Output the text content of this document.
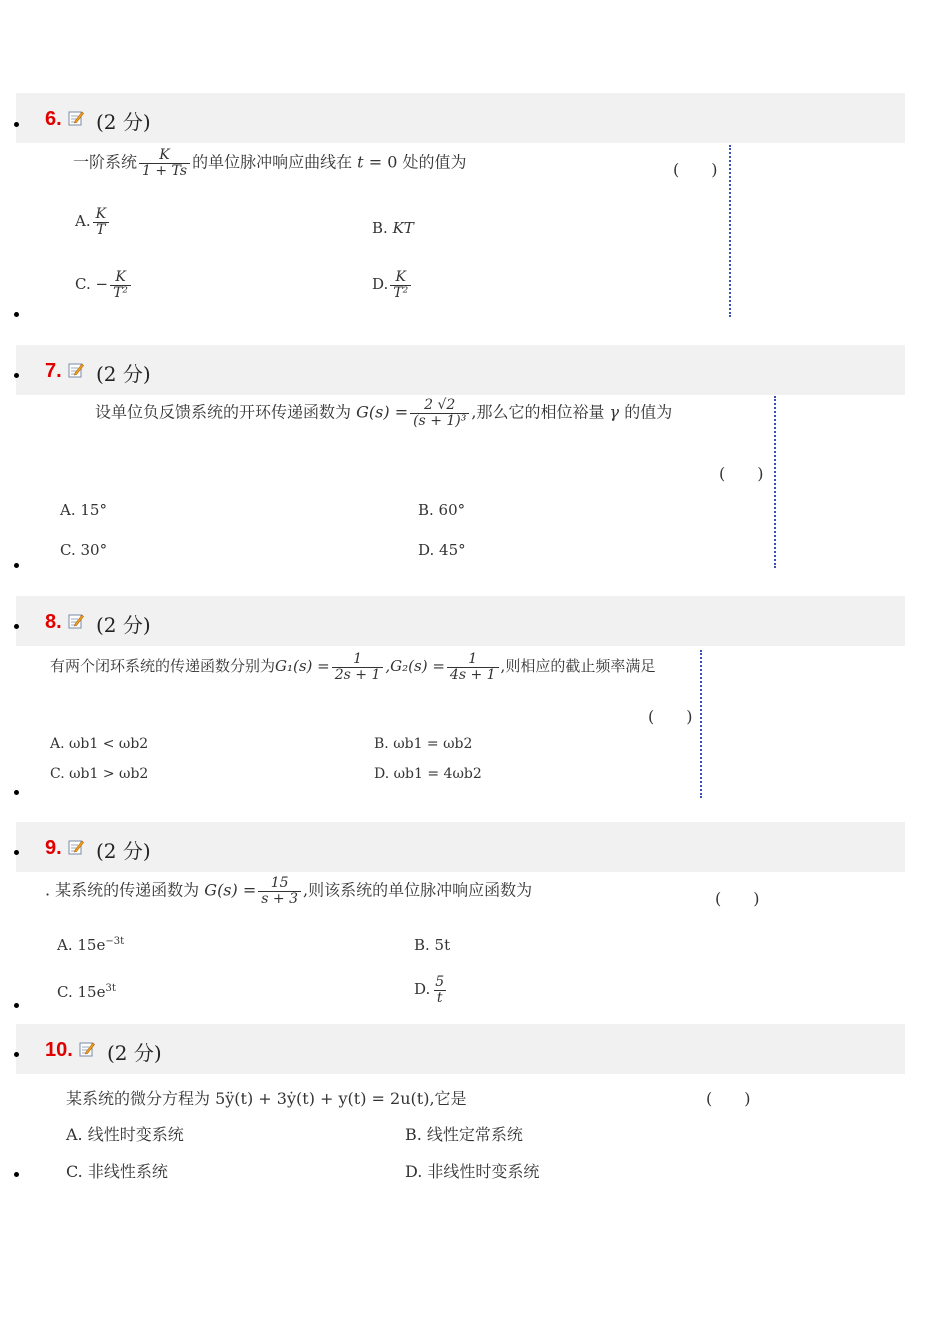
6. (2 分)
一阶系统 $\frac{K}{1 + Ts}$ 的单位脉冲响应曲线在 t = 0 处的值为	(　　)
A. $\frac{K}{T}$	B. KT
C. − $\frac{K}{\text{T²}}$	D. $\frac{K}{\text{T²}}$
7. (2 分)
设单位负反馈系统的开环传递函数为 $G(s) = \frac{2 √2}{\text{(s + 1)³}}$ ,那么它的相位裕量 γ 的值为
(　　)
A. 15°	B. 60°
C. 30°	D. 45°
8. (2 分)
有两个闭环系统的传递函数分别为$G_1(s) = \frac{1}{2s + 1} ,G_2(s) = \frac{1}{4s + 1}$ ,则相应的截止频率满足
(　　)
A. ωb1 < ωb2	B. ωb1 = ωb2
C. ωb1 > ωb2	D. ωb1 = 4ωb2
9. (2 分)
. 某系统的传递函数为 $G(s) = \frac{15}{s + 3}$ ,则该系统的单位脉冲响应函数为	(　　)
A. $15e^{-3t}$	B. 5t
C. $15e^{3t}$	D. $\frac{5}{t}$
10. (2 分)
某系统的微分方程为 5ÿ(t) + 3ẏ(t) + y(t) = 2u(t),它是	(　　)
A. 线性时变系统	B. 线性定常系统
C. 非线性系统	D. 非线性时变系统
